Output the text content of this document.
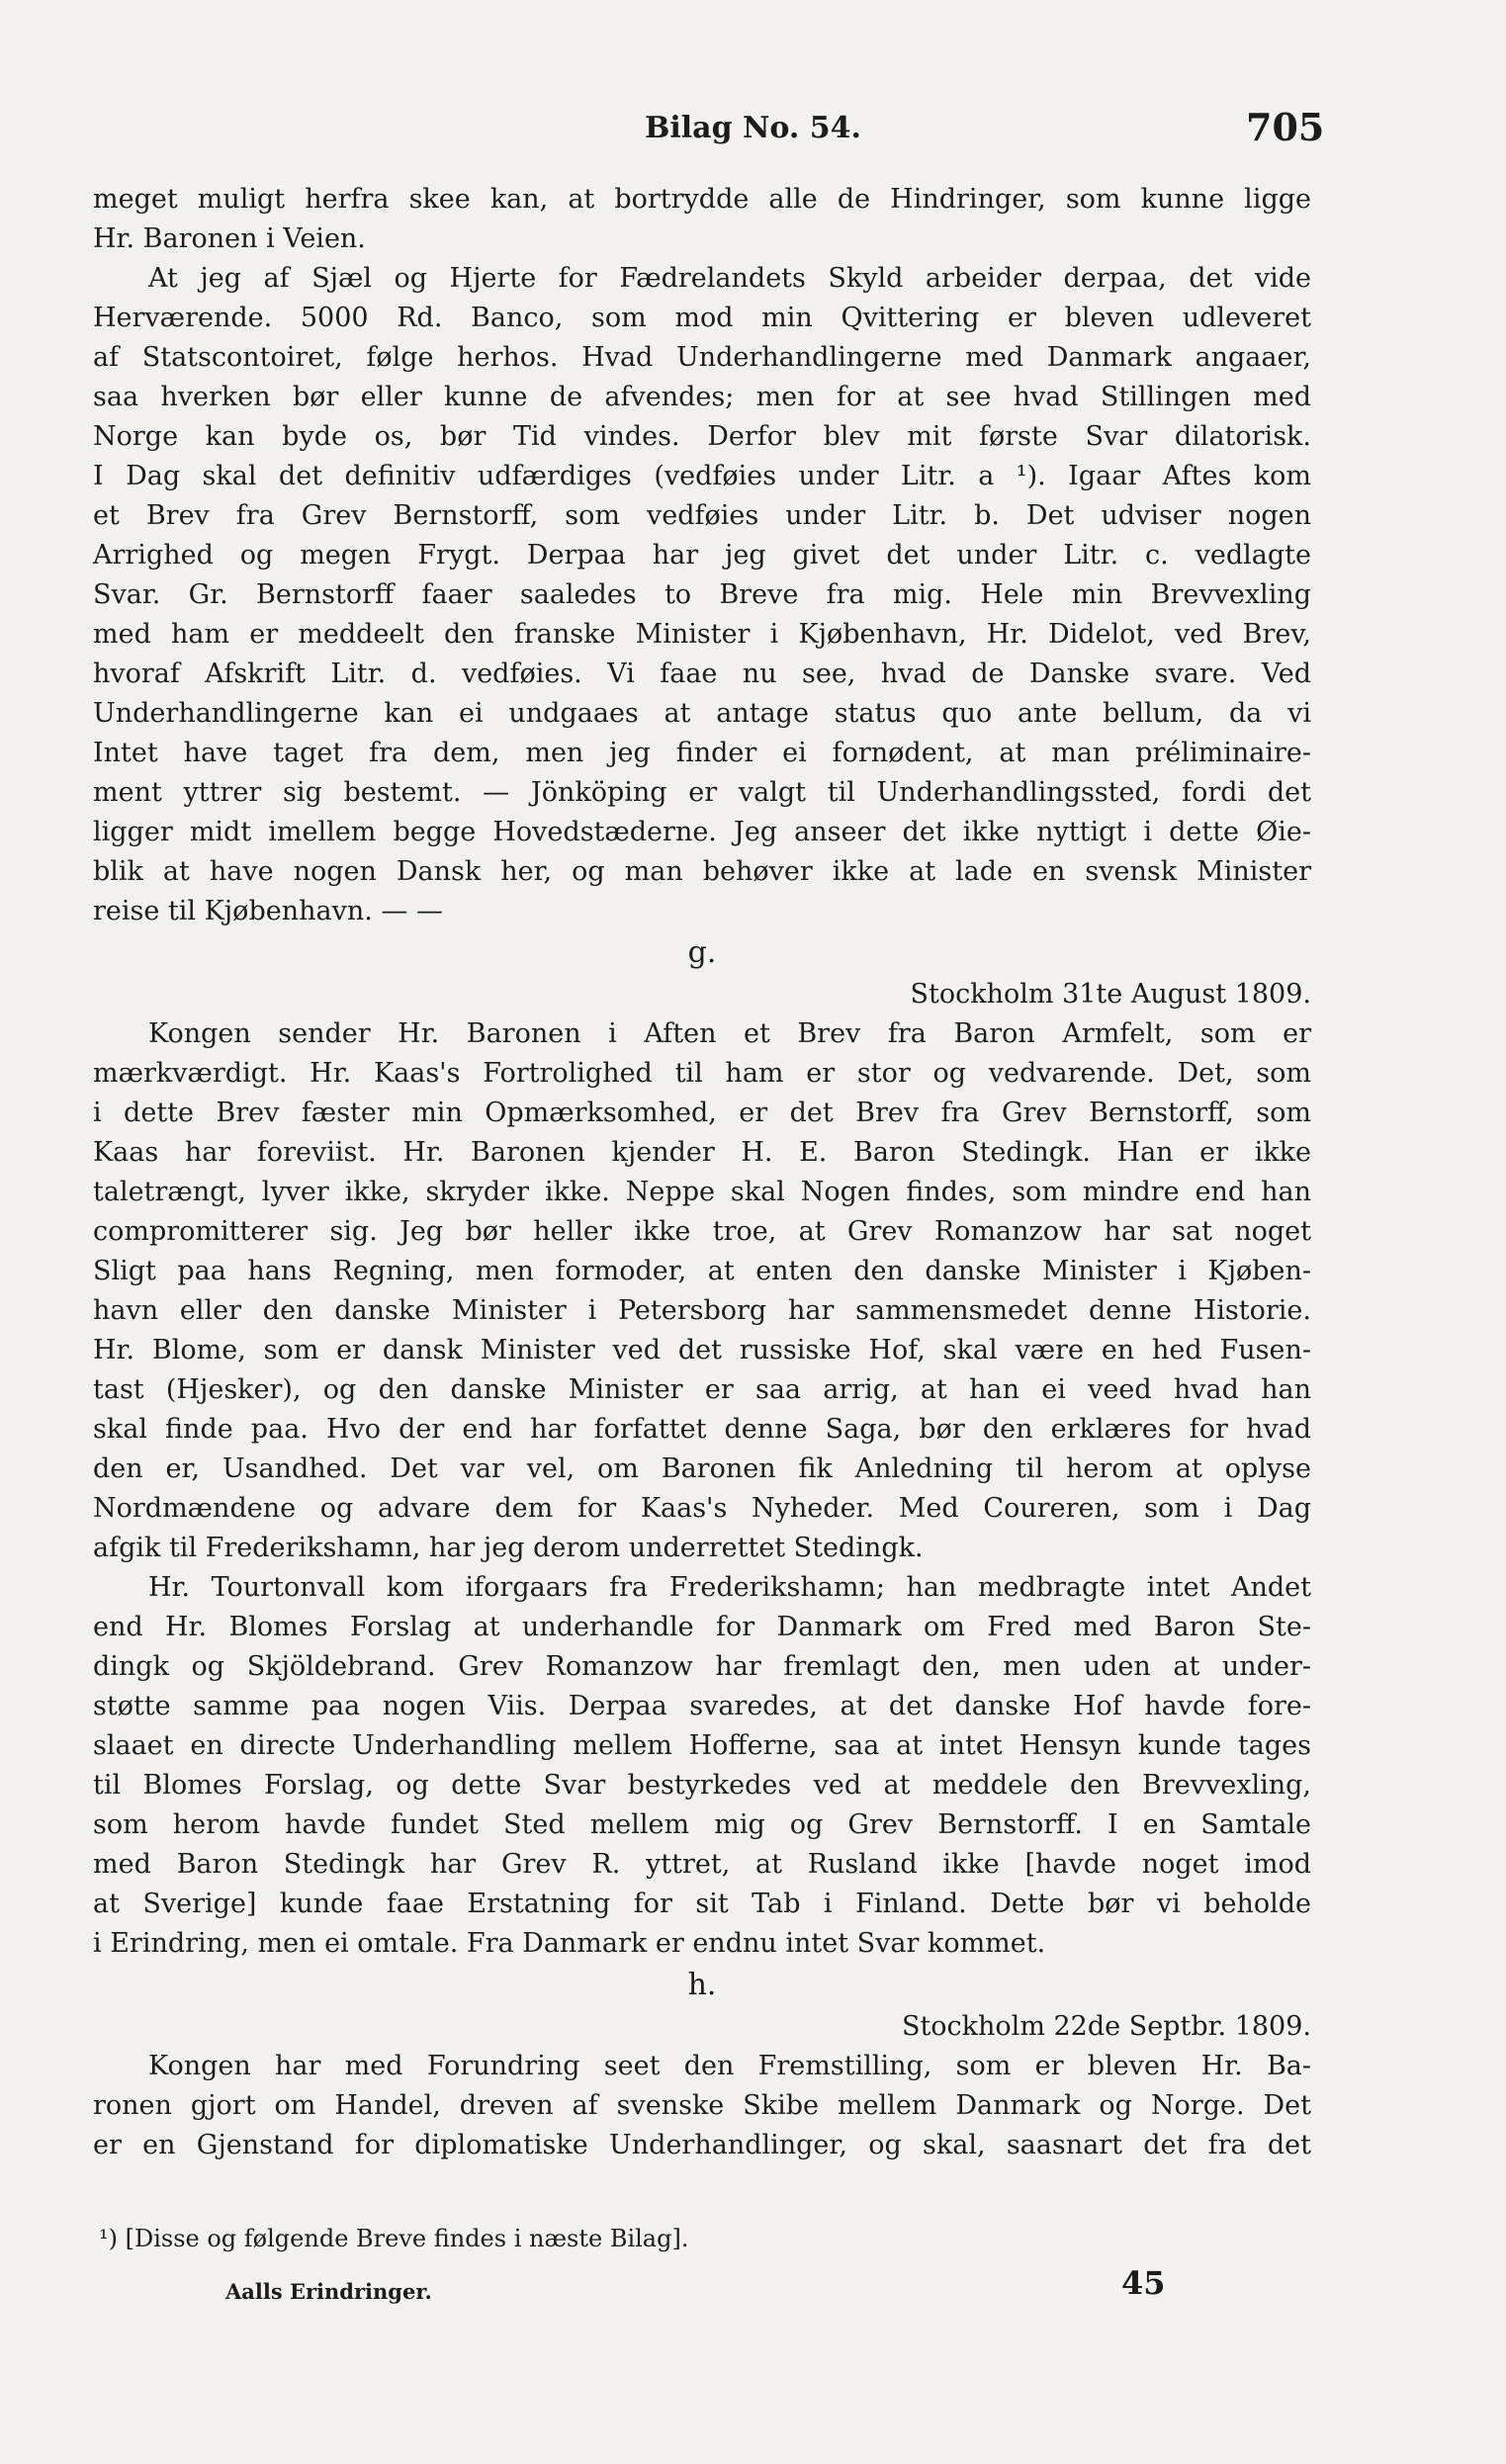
Bilag No. 54.	705
meget muligt herfra skee kan, at bortrydde alle de Hindringer, som kunne ligge
Hr. Baronen i Veien.
At jeg af Sjæl og Hjerte for Fædrelandets Skyld arbeider derpaa, det vide
Herværende. 5000 Rd. Banco, som mod min Qvittering er bleven udleveret
af Statscontoiret, følge herhos. Hvad Underhandlingerne med Danmark angaaer,
saa hverken bør eller kunne de afvendes; men for at see hvad Stillingen med
Norge kan byde os, bør Tid vindes. Derfor blev mit første Svar dilatorisk.
I Dag skal det definitiv udfærdiges (vedføies under Litr. a ¹). Igaar Aftes kom
et Brev fra Grev Bernstorff, som vedføies under Litr. b. Det udviser nogen
Arrighed og megen Frygt. Derpaa har jeg givet det under Litr. c. vedlagte
Svar. Gr. Bernstorff faaer saaledes to Breve fra mig. Hele min Brevvexling
med ham er meddeelt den franske Minister i Kjøbenhavn, Hr. Didelot, ved Brev,
hvoraf Afskrift Litr. d. vedføies. Vi faae nu see, hvad de Danske svare. Ved
Underhandlingerne kan ei undgaaes at antage status quo ante bellum, da vi
Intet have taget fra dem, men jeg finder ei fornødent, at man préliminaire-
ment yttrer sig bestemt. — Jönköping er valgt til Underhandlingssted, fordi det
ligger midt imellem begge Hovedstæderne. Jeg anseer det ikke nyttigt i dette Øie-
blik at have nogen Dansk her, og man behøver ikke at lade en svensk Minister
reise til Kjøbenhavn. — —
g.
Stockholm 31te August 1809.
Kongen sender Hr. Baronen i Aften et Brev fra Baron Armfelt, som er
mærkværdigt. Hr. Kaas's Fortrolighed til ham er stor og vedvarende. Det, som
i dette Brev fæster min Opmærksomhed, er det Brev fra Grev Bernstorff, som
Kaas har foreviist. Hr. Baronen kjender H. E. Baron Stedingk. Han er ikke
taletrængt, lyver ikke, skryder ikke. Neppe skal Nogen findes, som mindre end han
compromitterer sig. Jeg bør heller ikke troe, at Grev Romanzow har sat noget
Sligt paa hans Regning, men formoder, at enten den danske Minister i Kjøben-
havn eller den danske Minister i Petersborg har sammensmedet denne Historie.
Hr. Blome, som er dansk Minister ved det russiske Hof, skal være en hed Fusen-
tast (Hjesker), og den danske Minister er saa arrig, at han ei veed hvad han
skal finde paa. Hvo der end har forfattet denne Saga, bør den erklæres for hvad
den er, Usandhed. Det var vel, om Baronen fik Anledning til herom at oplyse
Nordmændene og advare dem for Kaas's Nyheder. Med Coureren, som i Dag
afgik til Frederikshamn, har jeg derom underrettet Stedingk.
Hr. Tourtonvall kom iforgaars fra Frederikshamn; han medbragte intet Andet
end Hr. Blomes Forslag at underhandle for Danmark om Fred med Baron Ste-
dingk og Skjöldebrand. Grev Romanzow har fremlagt den, men uden at under-
støtte samme paa nogen Viis. Derpaa svaredes, at det danske Hof havde fore-
slaaet en directe Underhandling mellem Hofferne, saa at intet Hensyn kunde tages
til Blomes Forslag, og dette Svar bestyrkedes ved at meddele den Brevvexling,
som herom havde fundet Sted mellem mig og Grev Bernstorff. I en Samtale
med Baron Stedingk har Grev R. yttret, at Rusland ikke [havde noget imod
at Sverige] kunde faae Erstatning for sit Tab i Finland. Dette bør vi beholde
i Erindring, men ei omtale. Fra Danmark er endnu intet Svar kommet.
h.
Stockholm 22de Septbr. 1809.
Kongen har med Forundring seet den Fremstilling, som er bleven Hr. Ba-
ronen gjort om Handel, dreven af svenske Skibe mellem Danmark og Norge. Det
er en Gjenstand for diplomatiske Underhandlinger, og skal, saasnart det fra det
¹) [Disse og følgende Breve findes i næste Bilag].
Aalls Erindringer.	45
